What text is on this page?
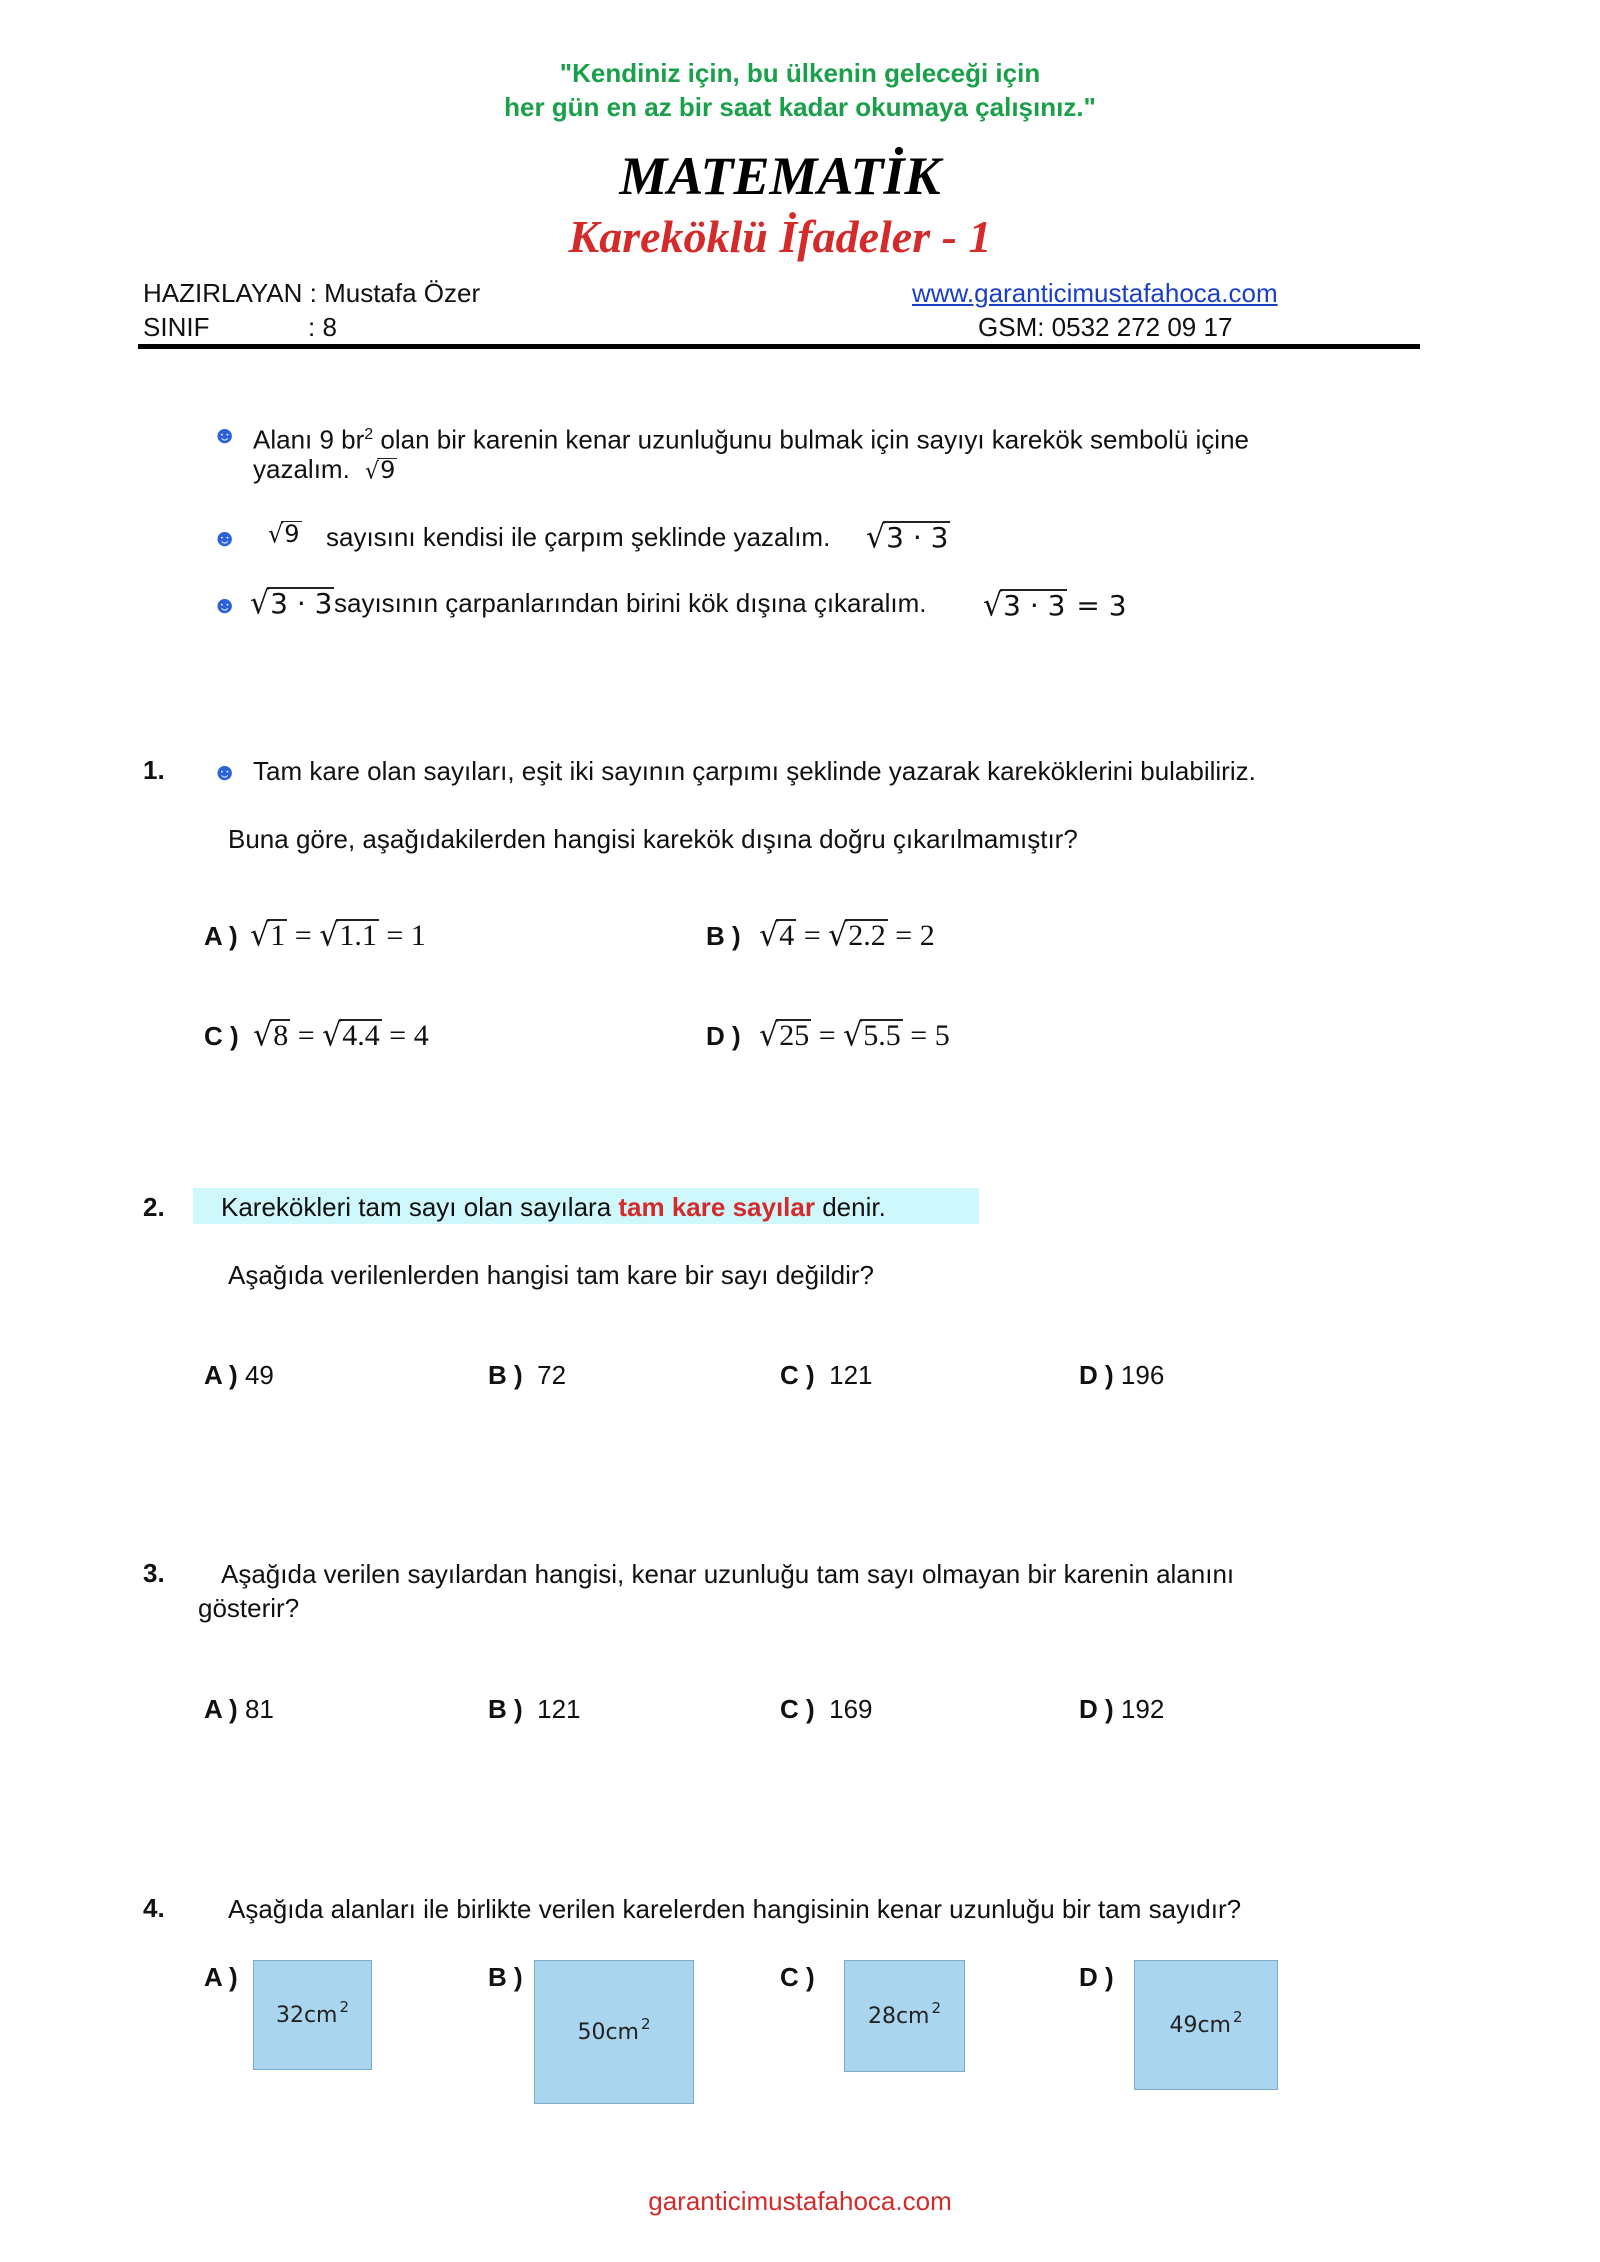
"Kendiniz için, bu ülkenin geleceği için
her gün en az bir saat kadar okumaya çalışınız."
MATEMATİK
Kareköklü İfadeler - 1
HAZIRLAYAN : Mustafa Özer
SINIF	: 8
www.garanticimustafahoca.com
GSM: 0532 272 09 17
☻ Alanı 9 $br^2$ olan bir karenin kenar uzunluğunu bulmak için sayıyı karekök sembolü içine
yazalım. √9
☻ √9 sayısını kendisi ile çarpım şeklinde yazalım. √3 · 3
☻ √3 · 3 sayısının çarpanlarından birini kök dışına çıkaralım. √3 · 3 = 3
1. ☻ Tam kare olan sayıları, eşit iki sayının çarpımı şeklinde yazarak kareköklerini bulabiliriz.
Buna göre, aşağıdakilerden hangisi karekök dışına doğru çıkarılmamıştır?
A ) √1 = √1.1 = 1	B ) √4 = √2.2 = 2
C ) √8 = √4.4 = 4	D ) √25 = √5.5 = 5
2. Karekökleri tam sayı olan sayılara tam kare sayılar denir.
Aşağıda verilenlerden hangisi tam kare bir sayı değildir?
A ) 49	B ) 72	C ) 121	D ) 196
3. Aşağıda verilen sayılardan hangisi, kenar uzunluğu tam sayı olmayan bir karenin alanını
gösterir?
A ) 81	B ) 121	C ) 169	D ) 192
4. Aşağıda alanları ile birlikte verilen karelerden hangisinin kenar uzunluğu bir tam sayıdır?
A )
$32cm^2$
B )
$50cm^2$
C )
$28cm^2$
D )
$49cm^2$
garanticimustafahoca.com
